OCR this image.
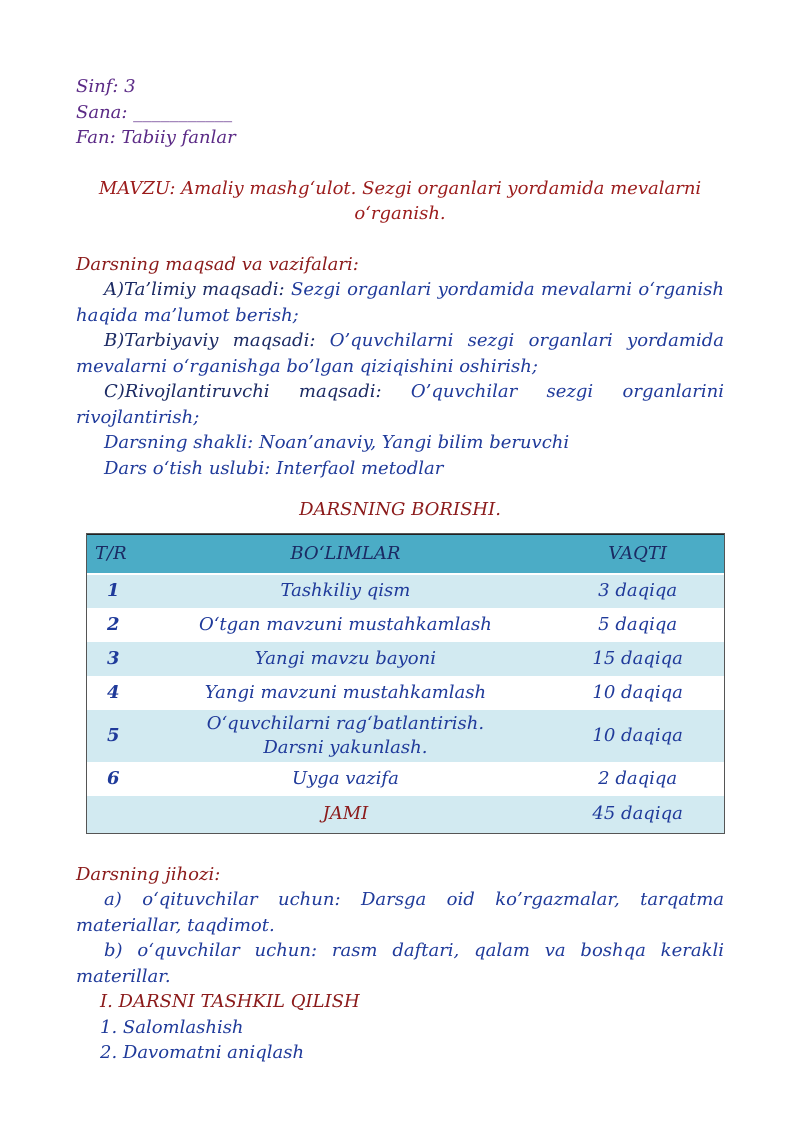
Sinf: 3

Sana: ___________

Fan: Tabiiy fanlar

MAVZU: Amaliy mashg‘ulot. Sezgi organlari yordamida mevalarni

o‘rganish.

Darsning maqsad va vazifalari:

A)Ta’limiy maqsadi: Sezgi organlari yordamida mevalarni o‘rganish haqida ma’lumot berish;

B)Tarbiyaviy maqsadi: O’quvchilarni sezgi organlari yordamida mevalarni o‘rganishga bo’lgan qiziqishini oshirish;

C)Rivojlantiruvchi maqsadi: O’quvchilar sezgi organlarini rivojlantirish;

Darsning shakli: Noan’anaviy, Yangi bilim beruvchi

Dars o‘tish uslubi: Interfaol metodlar

DARSNING BORISHI.

T/R	BO‘LIMLAR	VAQTI
1	Tashkiliy qism	3 daqiqa
2	O‘tgan mavzuni mustahkamlash	5 daqiqa
3	Yangi mavzu bayoni	15 daqiqa
4	Yangi mavzuni mustahkamlash	10 daqiqa
5	O‘quvchilarni rag‘batlantirish.
Darsni yakunlash.	10 daqiqa
6	Uyga vazifa	2 daqiqa
	JAMI	45 daqiqa

Darsning jihozi:

a) o‘qituvchilar uchun: Darsga oid ko’rgazmalar, tarqatma

materiallar, taqdimot.

b) o‘quvchilar uchun: rasm daftari, qalam va boshqa kerakli

materillar.

I. DARSNI TASHKIL QILISH

1. Salomlashish

2. Davomatni aniqlash
